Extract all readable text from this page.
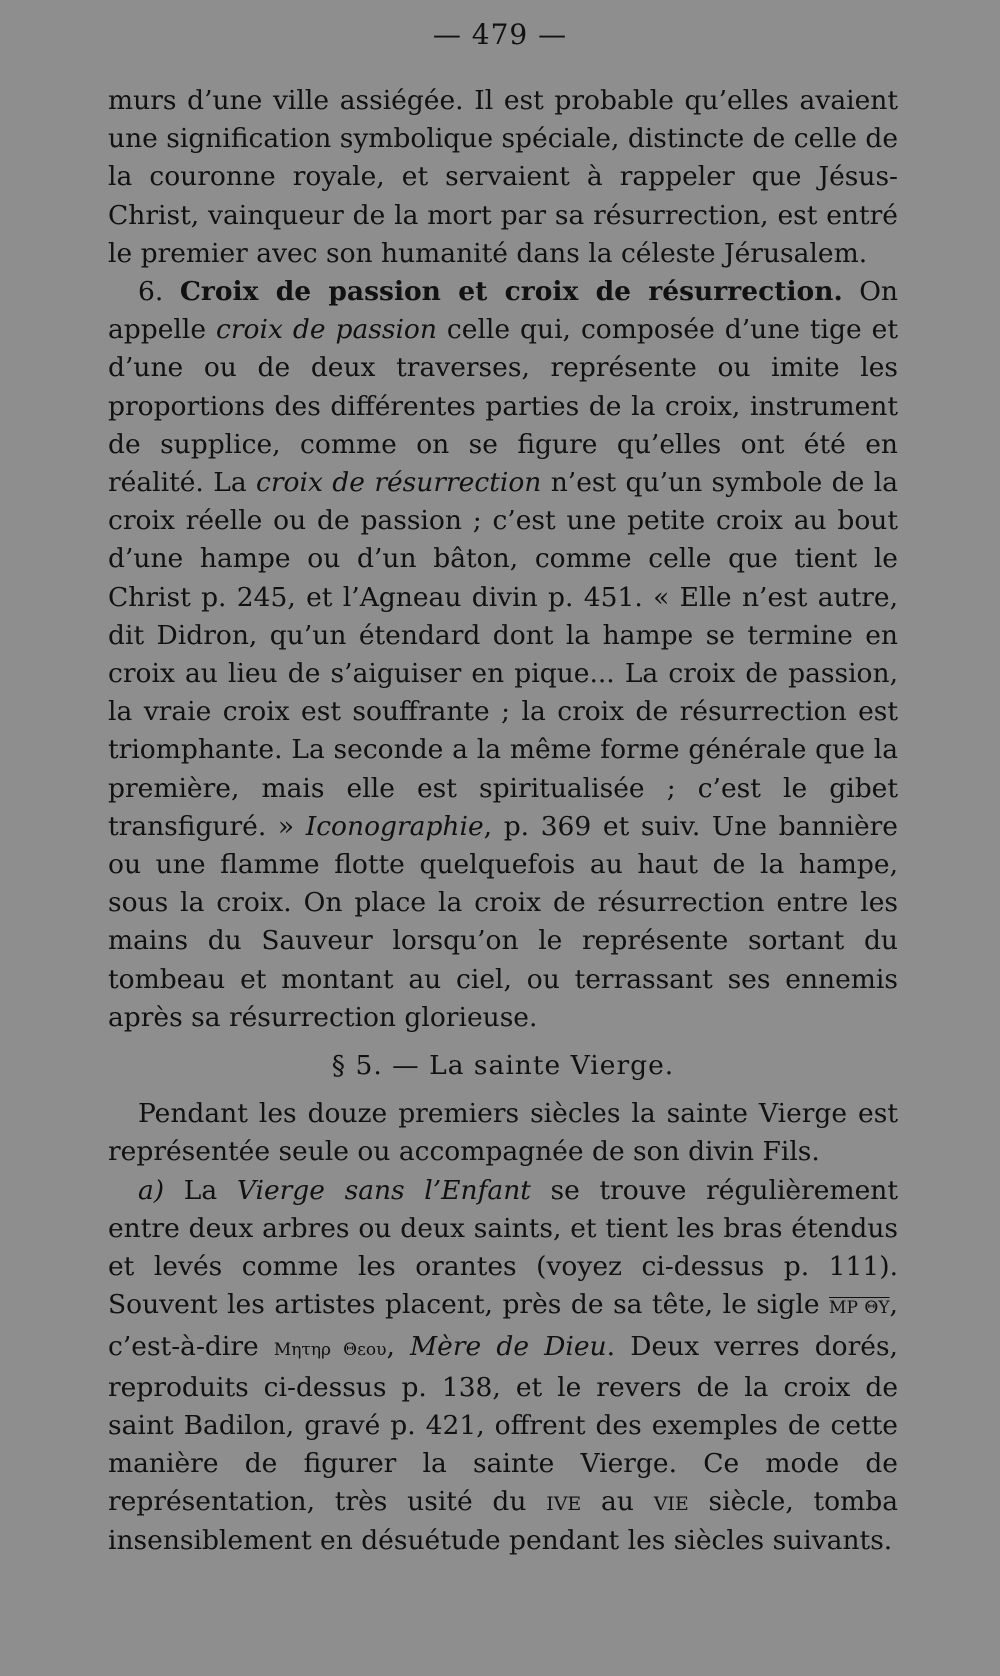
— 479 —

murs d’une ville assiégée. Il est probable qu’elles avaient une signification symbolique spéciale, distincte de celle de la couronne royale, et servaient à rappeler que Jésus-Christ, vainqueur de la mort par sa résurrection, est entré le premier avec son humanité dans la céleste Jérusalem.

6. Croix de passion et croix de résurrection. On appelle croix de passion celle qui, composée d’une tige et d’une ou de deux traverses, représente ou imite les proportions des différentes parties de la croix, instrument de supplice, comme on se figure qu’elles ont été en réalité. La croix de résurrection n’est qu’un symbole de la croix réelle ou de passion ; c’est une petite croix au bout d’une hampe ou d’un bâton, comme celle que tient le Christ p. 245, et l’Agneau divin p. 451. « Elle n’est autre, dit Didron, qu’un étendard dont la hampe se termine en croix au lieu de s’aiguiser en pique... La croix de passion, la vraie croix est souffrante ; la croix de résurrection est triomphante. La seconde a la même forme générale que la première, mais elle est spiritualisée ; c’est le gibet transfiguré. » Iconographie, p. 369 et suiv. Une bannière ou une flamme flotte quelquefois au haut de la hampe, sous la croix. On place la croix de résurrection entre les mains du Sauveur lorsqu’on le représente sortant du tombeau et montant au ciel, ou terrassant ses ennemis après sa résurrection glorieuse.

§ 5. — La sainte Vierge.

Pendant les douze premiers siècles la sainte Vierge est représentée seule ou accompagnée de son divin Fils.

a) La Vierge sans l’Enfant se trouve régulièrement entre deux arbres ou deux saints, et tient les bras étendus et levés comme les orantes (voyez ci-dessus p. 111). Souvent les artistes placent, près de sa tête, le sigle MP ΘΥ, c’est-à-dire Μητηρ Θεου, Mère de Dieu. Deux verres dorés, reproduits ci-dessus p. 138, et le revers de la croix de saint Badilon, gravé p. 421, offrent des exemples de cette manière de figurer la sainte Vierge. Ce mode de représentation, très usité du ive au vie siècle, tomba insensiblement en désuétude pendant les siècles suivants.
